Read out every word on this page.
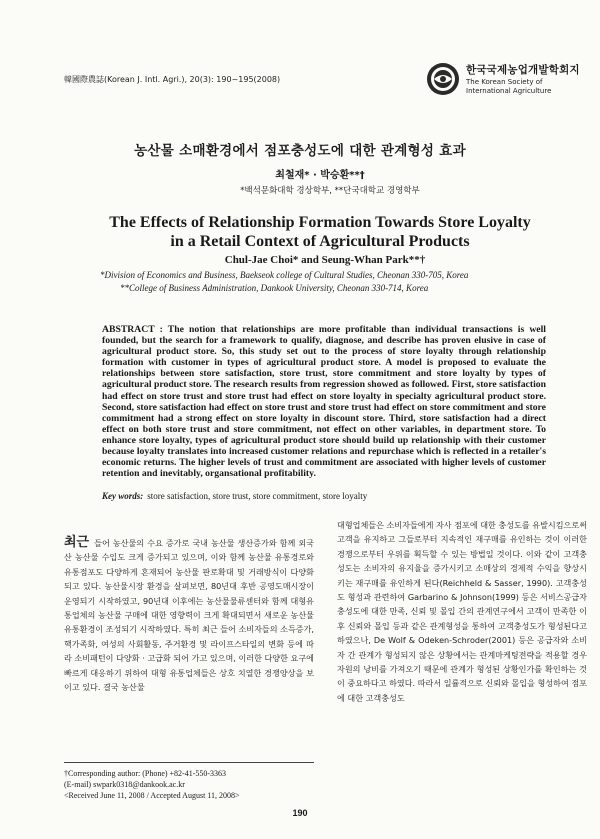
韓國際農誌(Korean J. Intl. Agri.), 20(3): 190~195(2008)
한국국제농업개발학회지
The Korean Society of International Agriculture
농산물 소매환경에서 점포충성도에 대한 관계형성 효과
최철재* · 박승환**†
*백석문화대학 경상학부, **단국대학교 경영학부
The Effects of Relationship Formation Towards Store Loyalty
in a Retail Context of Agricultural Products
Chul-Jae Choi* and Seung-Whan Park**†
*Division of Economics and Business, Baekseok college of Cultural Studies, Cheonan 330-705, Korea
**College of Business Administration, Dankook University, Cheonan 330-714, Korea
ABSTRACT : The notion that relationships are more profitable than individual transactions is well founded, but the search for a framework to qualify, diagnose, and describe has proven elusive in case of agricultural product store. So, this study set out to the process of store loyalty through relationship formation with customer in types of agricultural product store. A model is proposed to evaluate the relationships between store satisfaction, store trust, store commitment and store loyalty by types of agricultural product store. The research results from regression showed as followed. First, store satisfaction had effect on store trust and store trust had effect on store loyalty in specialty agricultural product store. Second, store satisfaction had effect on store trust and store trust had effect on store commitment and store commitment had a strong effect on store loyalty in discount store. Third, store satisfaction had a direct effect on both store trust and store commitment, not effect on other variables, in department store. To enhance store loyalty, types of agricultural product store should build up relationship with their customer because loyalty translates into increased customer relations and repurchase which is reflected in a retailer's economic returns. The higher levels of trust and commitment are associated with higher levels of customer retention and inevitably, organsational profitability.
Key words: store satisfaction, store trust, store commitment, store loyalty
최근 들어 농산물의 수요 증가로 국내 농산물 생산증가와 함께 외국산 농산물 수입도 크게 증가되고 있으며, 이와 함께 농산물 유통경로와 유통점포도 다양하게 혼재되어 농산물 판로확대 및 거래방식이 다양화 되고 있다. 농산물시장 환경을 살펴보면, 80년대 후반 공영도매시장이 운영되기 시작하였고, 90년대 이후에는 농산물물류센터와 함께 대형유통업체의 농산물 구매에 대한 영향력이 크게 확대되면서 새로운 농산물 유통환경이 조성되기 시작하였다. 특히 최근 들어 소비자들의 소득증가, 핵가족화, 여성의 사회활동, 주거환경 및 라이프스타일의 변화 등에 따라 소비패턴이 다양화 · 고급화 되어 가고 있으며, 이러한 다양한 요구에 빠르게 대응하기 위하여 대형 유통업체들은 상호 치열한 경쟁양상을 보이고 있다. 결국 농산물
대형업체들은 소비자들에게 자사 점포에 대한 충성도를 유발시킴으로써 고객을 유지하고 그들로부터 지속적인 재구매를 유인하는 것이 이러한 경쟁으로부터 우위를 획득할 수 있는 방법일 것이다. 이와 같이 고객충성도는 소비자의 유지율을 증가시키고 소매상의 경제적 수익을 향상시키는 재구매를 유인하게 된다(Reichheld & Sasser, 1990). 고객충성도 형성과 관련하여 Garbarino & Johnson(1999) 등은 서비스공급자 충성도에 대한 만족, 신뢰 및 몰입 간의 관계연구에서 고객이 만족한 이후 신뢰와 몰입 등과 같은 관계형성을 통하여 고객충성도가 형성된다고 하였으나, De Wolf & Odeken-Schroder(2001) 등은 공급자와 소비자 간 관계가 형성되지 않은 상황에서는 관계마케팅전략을 적용할 경우 자원의 낭비를 가져오기 때문에 관계가 형성된 상황인가를 확인하는 것이 중요하다고 하였다. 따라서 일률적으로 신뢰와 몰입을 형성하여 점포에 대한 고객충성도
†Corresponding author: (Phone) +82-41-550-3363
(E-mail) swpark0318@dankook.ac.kr
<Received June 11, 2008 / Accepted August 11, 2008>
190
